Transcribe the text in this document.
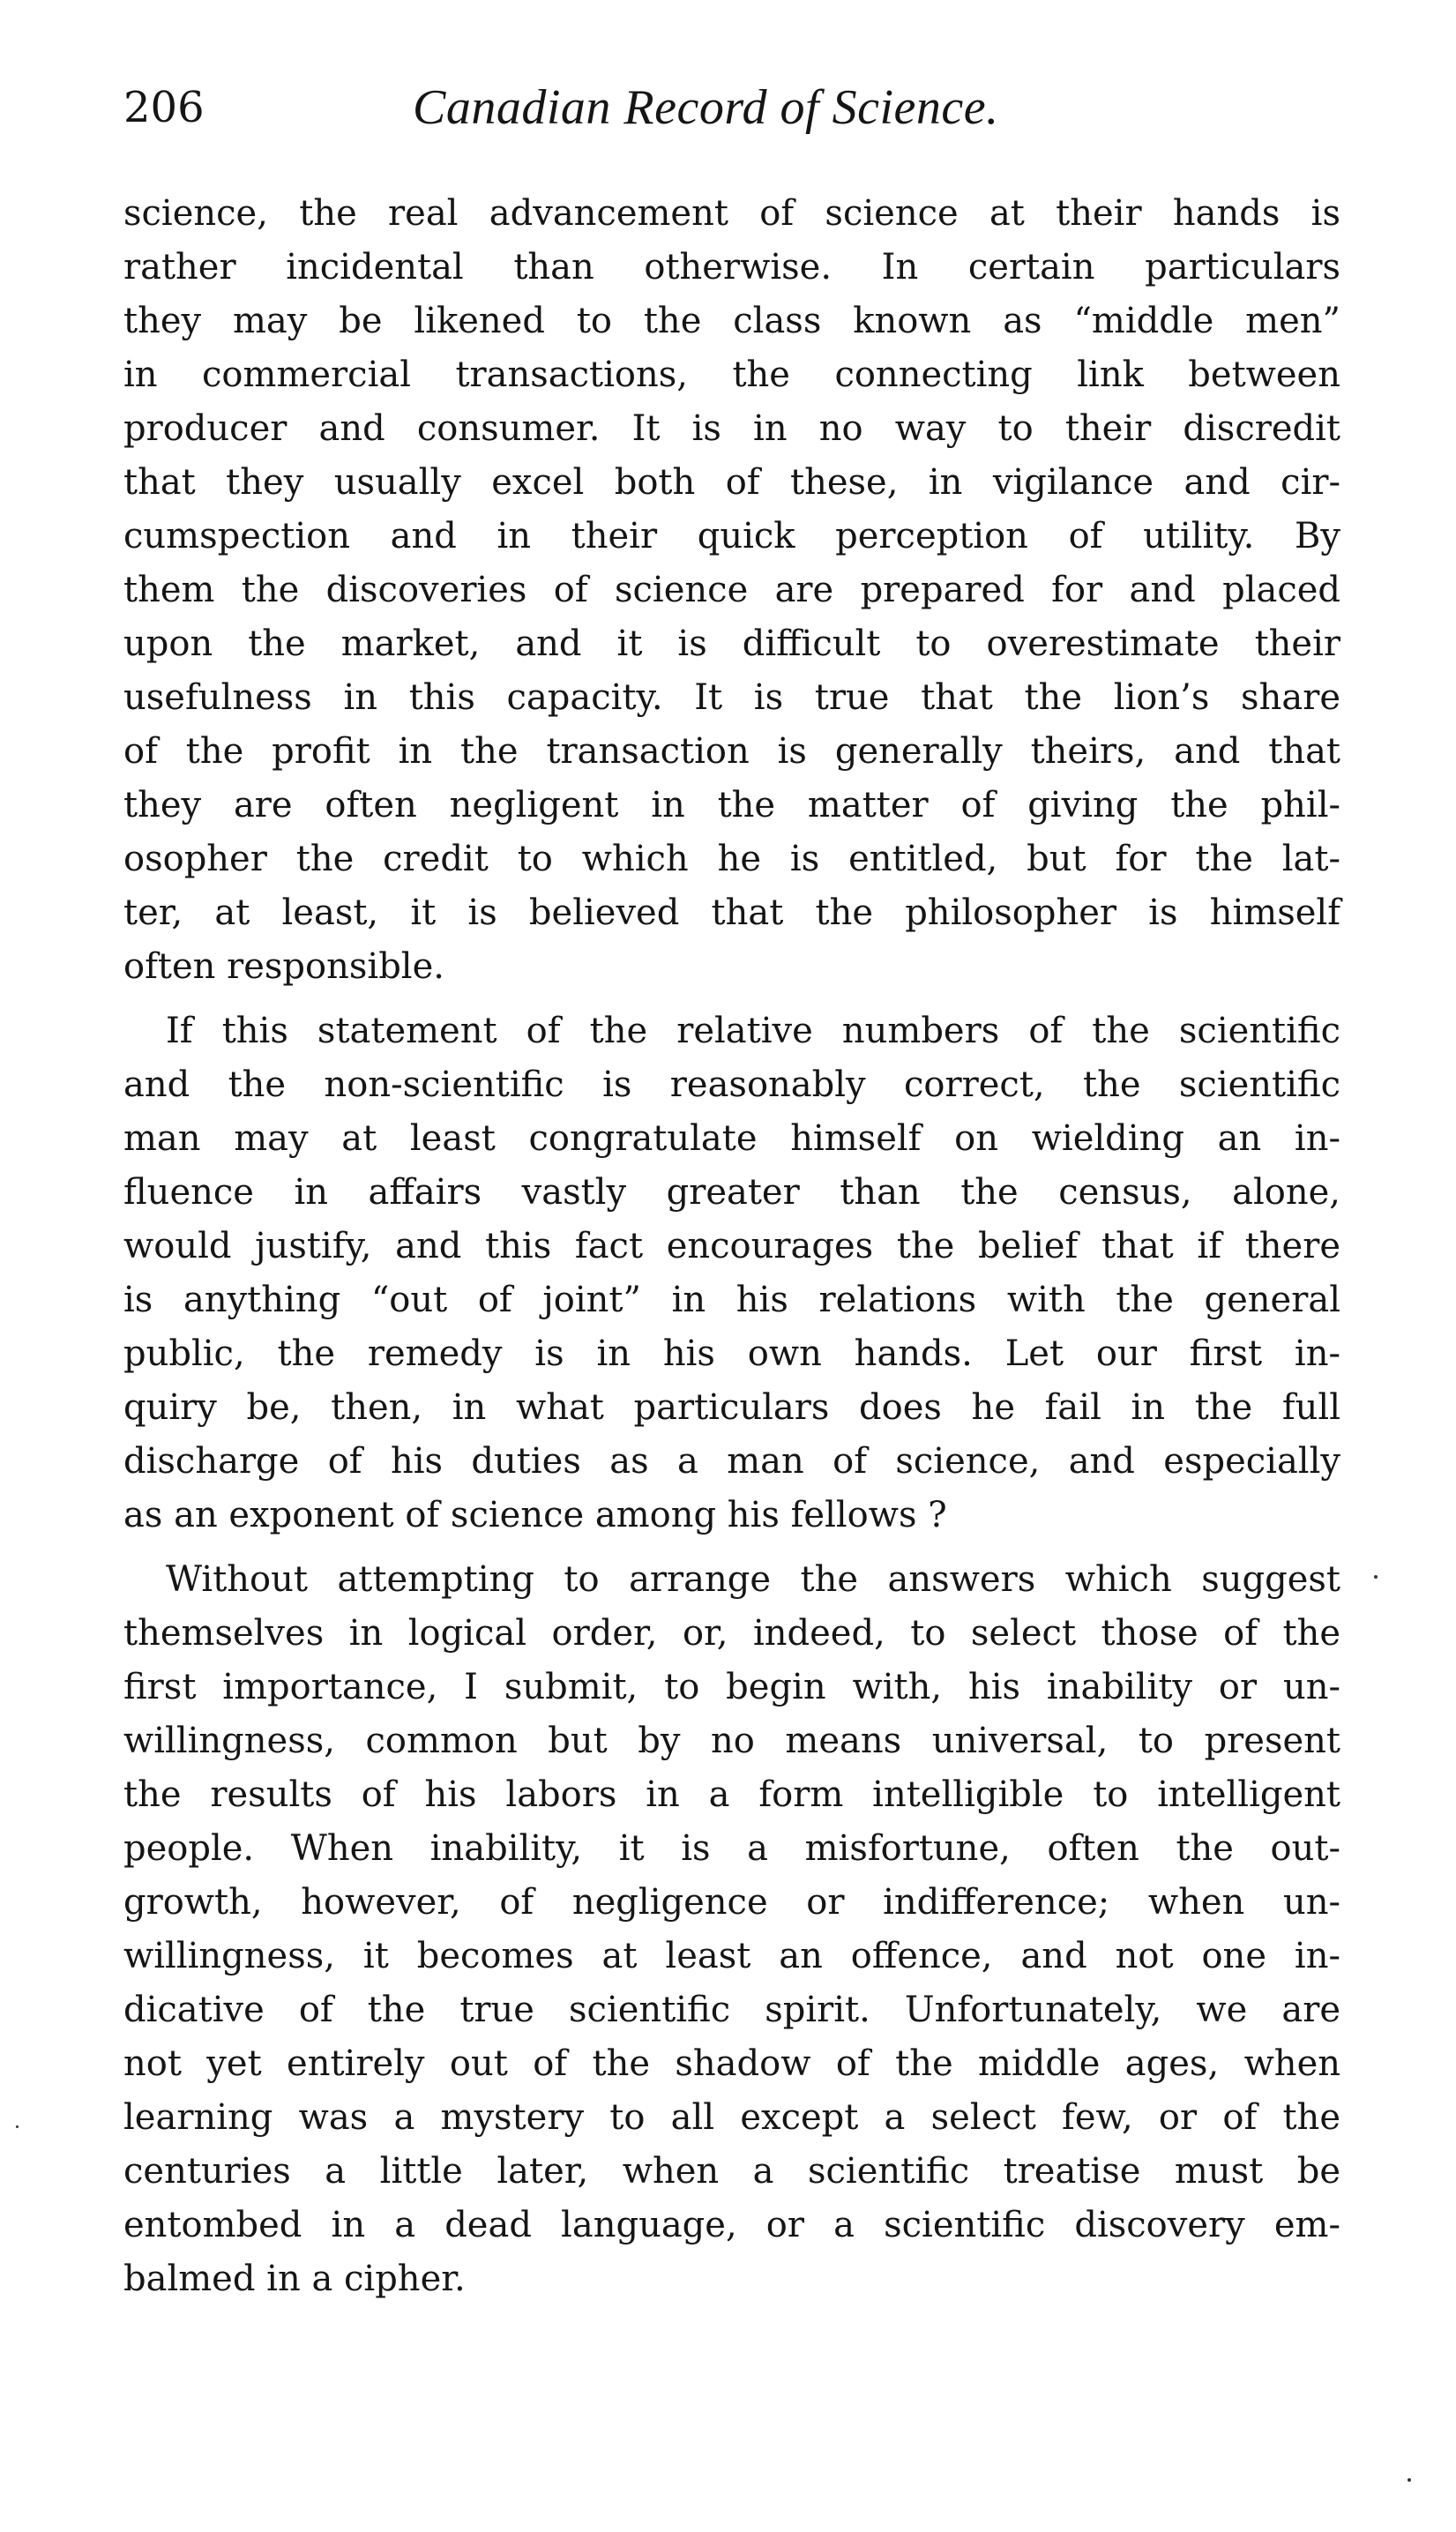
206	Canadian Record of Science.
science, the real advancement of science at their hands is
rather incidental than otherwise. In certain particulars
they may be likened to the class known as “middle men”
in commercial transactions, the connecting link between
producer and consumer. It is in no way to their discredit
that they usually excel both of these, in vigilance and cir-
cumspection and in their quick perception of utility. By
them the discoveries of science are prepared for and placed
upon the market, and it is difficult to overestimate their
usefulness in this capacity. It is true that the lion’s share
of the profit in the transaction is generally theirs, and that
they are often negligent in the matter of giving the phil-
osopher the credit to which he is entitled, but for the lat-
ter, at least, it is believed that the philosopher is himself
often responsible.
If this statement of the relative numbers of the scientific
and the non-scientific is reasonably correct, the scientific
man may at least congratulate himself on wielding an in-
fluence in affairs vastly greater than the census, alone,
would justify, and this fact encourages the belief that if there
is anything “out of joint” in his relations with the general
public, the remedy is in his own hands. Let our first in-
quiry be, then, in what particulars does he fail in the full
discharge of his duties as a man of science, and especially
as an exponent of science among his fellows ?
Without attempting to arrange the answers which suggest
themselves in logical order, or, indeed, to select those of the
first importance, I submit, to begin with, his inability or un-
willingness, common but by no means universal, to present
the results of his labors in a form intelligible to intelligent
people. When inability, it is a misfortune, often the out-
growth, however, of negligence or indifference; when un-
willingness, it becomes at least an offence, and not one in-
dicative of the true scientific spirit. Unfortunately, we are
not yet entirely out of the shadow of the middle ages, when
learning was a mystery to all except a select few, or of the
centuries a little later, when a scientific treatise must be
entombed in a dead language, or a scientific discovery em-
balmed in a cipher.
